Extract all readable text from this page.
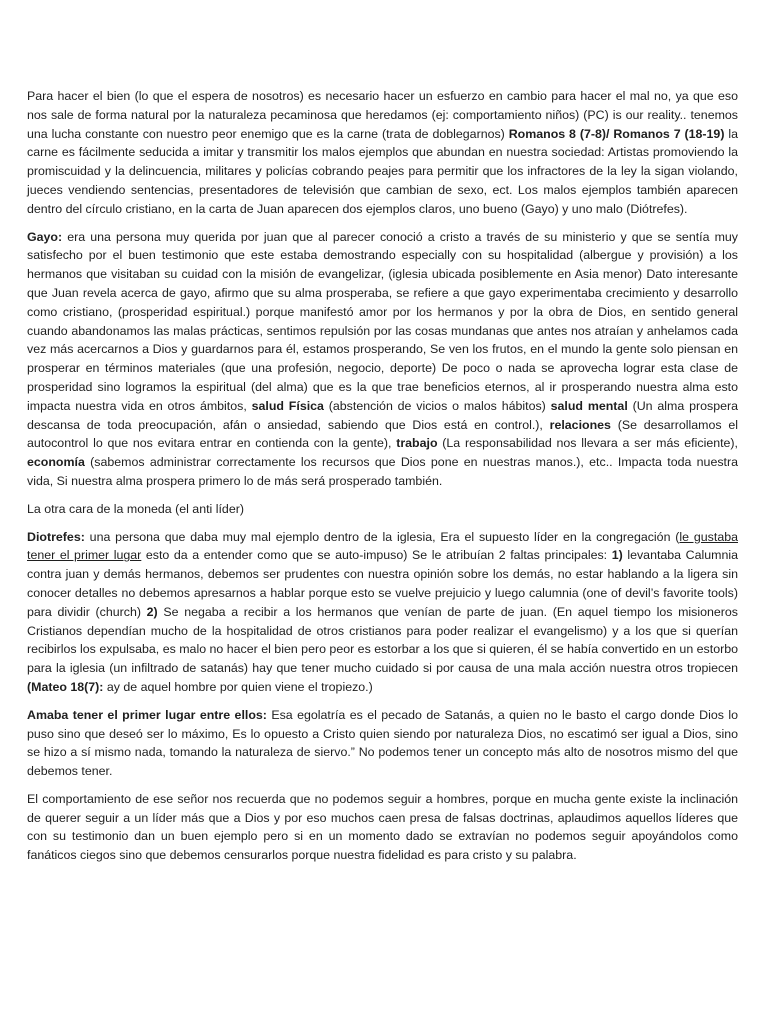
Para hacer el bien (lo que el espera de nosotros) es necesario hacer un esfuerzo en cambio para hacer el mal no, ya que eso nos sale de forma natural por la naturaleza pecaminosa que heredamos (ej: comportamiento niños) (PC) is our reality.. tenemos una lucha constante con nuestro peor enemigo que es la carne (trata de doblegarnos) Romanos 8 (7-8)/ Romanos 7 (18-19) la carne es fácilmente seducida a imitar y transmitir los malos ejemplos que abundan en nuestra sociedad: Artistas promoviendo la promiscuidad y la delincuencia, militares y policías cobrando peajes para permitir que los infractores de la ley la sigan violando, jueces vendiendo sentencias, presentadores de televisión que cambian de sexo, ect. Los malos ejemplos también aparecen dentro del círculo cristiano, en la carta de Juan aparecen dos ejemplos claros, uno bueno (Gayo) y uno malo (Diótrefes).

Gayo: era una persona muy querida por juan que al parecer conoció a cristo a través de su ministerio y que se sentía muy satisfecho por el buen testimonio que este estaba demostrando especially con su hospitalidad (albergue y provisión) a los hermanos que visitaban su cuidad con la misión de evangelizar, (iglesia ubicada posiblemente en Asia menor) Dato interesante que Juan revela acerca de gayo, afirmo que su alma prosperaba, se refiere a que gayo experimentaba crecimiento y desarrollo como cristiano, (prosperidad espiritual.) porque manifestó amor por los hermanos y por la obra de Dios, en sentido general cuando abandonamos las malas prácticas, sentimos repulsión por las cosas mundanas que antes nos atraían y anhelamos cada vez más acercarnos a Dios y guardarnos para él, estamos prosperando, Se ven los frutos, en el mundo la gente solo piensan en prosperar en términos materiales (que una profesión, negocio, deporte) De poco o nada se aprovecha lograr esta clase de prosperidad sino logramos la espiritual (del alma) que es la que trae beneficios eternos, al ir prosperando nuestra alma esto impacta nuestra vida en otros ámbitos, salud Física (abstención de vicios o malos hábitos) salud mental (Un alma prospera descansa de toda preocupación, afán o ansiedad, sabiendo que Dios está en control.), relaciones (Se desarrollamos el autocontrol lo que nos evitara entrar en contienda con la gente), trabajo (La responsabilidad nos llevara a ser más eficiente), economía (sabemos administrar correctamente los recursos que Dios pone en nuestras manos.), etc.. Impacta toda nuestra vida, Si nuestra alma prospera primero lo de más será prosperado también.

La otra cara de la moneda (el anti líder)

Diotrefes: una persona que daba muy mal ejemplo dentro de la iglesia, Era el supuesto líder en la congregación (le gustaba tener el primer lugar esto da a entender como que se auto-impuso) Se le atribuían 2 faltas principales: 1) levantaba Calumnia contra juan y demás hermanos, debemos ser prudentes con nuestra opinión sobre los demás, no estar hablando a la ligera sin conocer detalles no debemos apresarnos a hablar porque esto se vuelve prejuicio y luego calumnia (one of devil’s favorite tools) para dividir (church) 2) Se negaba a recibir a los hermanos que venían de parte de juan. (En aquel tiempo los misioneros Cristianos dependían mucho de la hospitalidad de otros cristianos para poder realizar el evangelismo) y a los que si querían recibirlos los expulsaba, es malo no hacer el bien pero peor es estorbar a los que si quieren, él se había convertido en un estorbo para la iglesia (un infiltrado de satanás) hay que tener mucho cuidado si por causa de una mala acción nuestra otros tropiecen (Mateo 18(7): ay de aquel hombre por quien viene el tropiezo.)

Amaba tener el primer lugar entre ellos: Esa egolatría es el pecado de Satanás, a quien no le basto el cargo donde Dios lo puso sino que deseó ser lo máximo, Es lo opuesto a Cristo quien siendo por naturaleza Dios, no escatimó ser igual a Dios, sino se hizo a sí mismo nada, tomando la naturaleza de siervo.” No podemos tener un concepto más alto de nosotros mismo del que debemos tener.

El comportamiento de ese señor nos recuerda que no podemos seguir a hombres, porque en mucha gente existe la inclinación de querer seguir a un líder más que a Dios y por eso muchos caen presa de falsas doctrinas, aplaudimos aquellos líderes que con su testimonio dan un buen ejemplo pero si en un momento dado se extravían no podemos seguir apoyándolos como fanáticos ciegos sino que debemos censurarlos porque nuestra fidelidad es para cristo y su palabra.
